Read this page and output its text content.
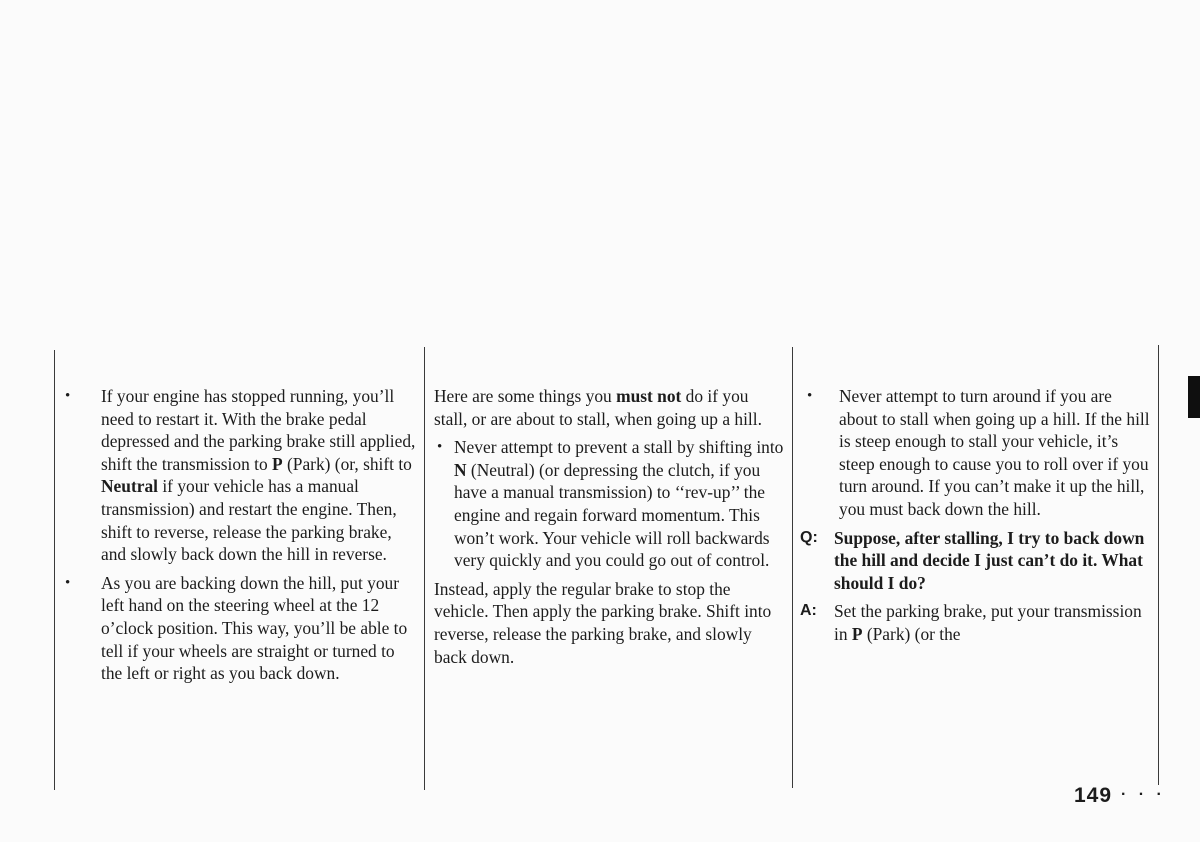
• If your engine has stopped running, you’ll need to restart it. With the brake pedal depressed and the parking brake still applied, shift the transmission to P (Park) (or, shift to Neutral if your vehicle has a manual transmission) and restart the engine. Then, shift to reverse, release the parking brake, and slowly back down the hill in reverse.
• As you are backing down the hill, put your left hand on the steering wheel at the 12 o’clock position. This way, you’ll be able to tell if your wheels are straight or turned to the left or right as you back down.

Here are some things you must not do if you stall, or are about to stall, when going up a hill.

• Never attempt to prevent a stall by shifting into N (Neutral) (or depressing the clutch, if you have a manual transmission) to ‘‘rev-up’’ the engine and regain forward momentum. This won’t work. Your vehicle will roll backwards very quickly and you could go out of control.

Instead, apply the regular brake to stop the vehicle. Then apply the parking brake. Shift into reverse, release the parking brake, and slowly back down.

• Never attempt to turn around if you are about to stall when going up a hill. If the hill is steep enough to stall your vehicle, it’s steep enough to cause you to roll over if you turn around. If you can’t make it up the hill, you must back down the hill.
Q: Suppose, after stalling, I try to back down the hill and decide I just can’t do it. What should I do?
A: Set the parking brake, put your transmission in P (Park) (or the
149 · · ·
